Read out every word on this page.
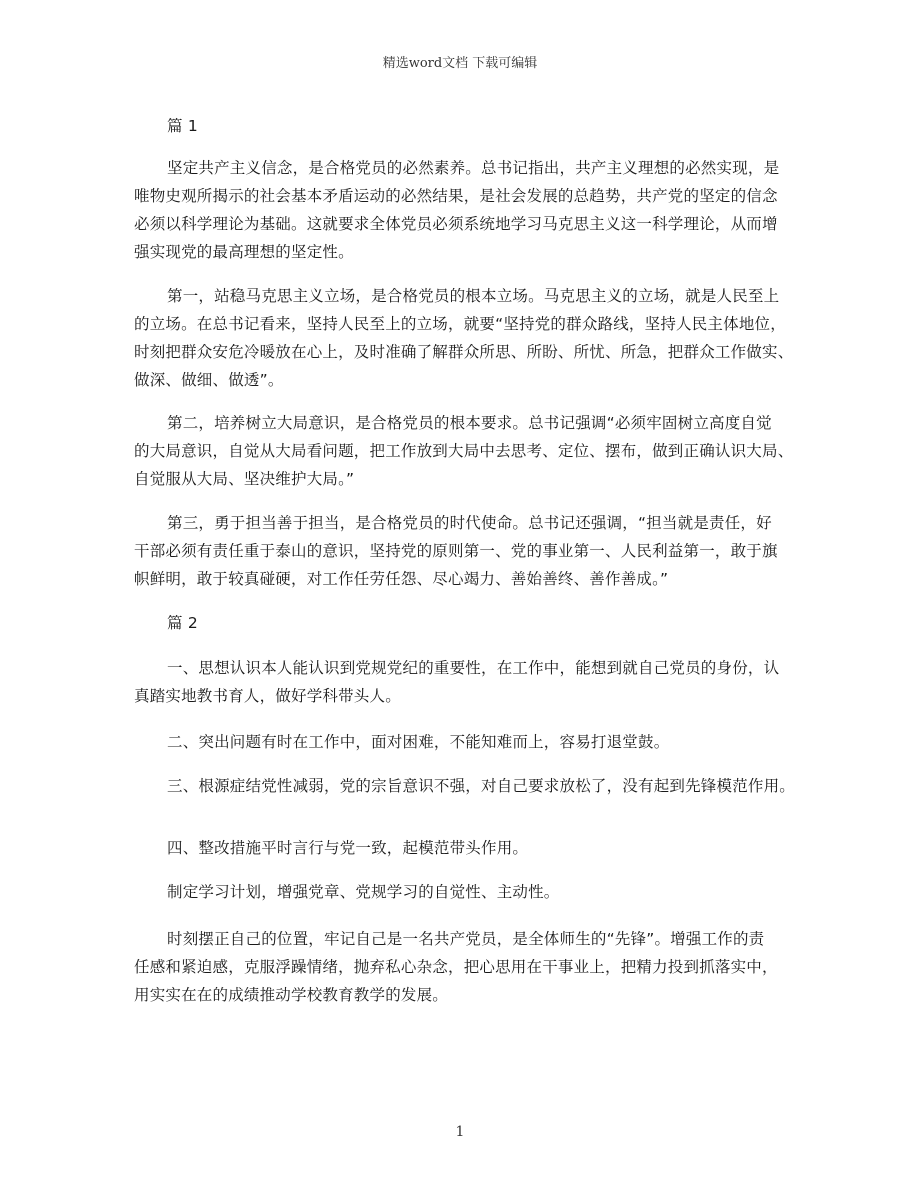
精选word文档 下载可编辑
篇 1
坚定共产主义信念，是合格党员的必然素养。总书记指出，共产主义理想的必然实现，是
唯物史观所揭示的社会基本矛盾运动的必然结果，是社会发展的总趋势，共产党的坚定的信念
必须以科学理论为基础。这就要求全体党员必须系统地学习马克思主义这一科学理论，从而增
强实现党的最高理想的坚定性。
第一，站稳马克思主义立场，是合格党员的根本立场。马克思主义的立场，就是人民至上
的立场。在总书记看来，坚持人民至上的立场，就要“坚持党的群众路线，坚持人民主体地位，
时刻把群众安危冷暖放在心上，及时准确了解群众所思、所盼、所忧、所急，把群众工作做实、
做深、做细、做透”。
第二，培养树立大局意识，是合格党员的根本要求。总书记强调“必须牢固树立高度自觉
的大局意识，自觉从大局看问题，把工作放到大局中去思考、定位、摆布，做到正确认识大局、
自觉服从大局、坚决维护大局。”
第三，勇于担当善于担当，是合格党员的时代使命。总书记还强调，“担当就是责任，好
干部必须有责任重于泰山的意识，坚持党的原则第一、党的事业第一、人民利益第一，敢于旗
帜鲜明，敢于较真碰硬，对工作任劳任怨、尽心竭力、善始善终、善作善成。”
篇 2
一、思想认识本人能认识到党规党纪的重要性，在工作中，能想到就自己党员的身份，认
真踏实地教书育人，做好学科带头人。
二、突出问题有时在工作中，面对困难，不能知难而上，容易打退堂鼓。
三、根源症结党性减弱，党的宗旨意识不强，对自己要求放松了，没有起到先锋模范作用。
四、整改措施平时言行与党一致，起模范带头作用。
制定学习计划，增强党章、党规学习的自觉性、主动性。
时刻摆正自己的位置，牢记自己是一名共产党员，是全体师生的“先锋”。增强工作的责
任感和紧迫感，克服浮躁情绪，抛弃私心杂念，把心思用在干事业上，把精力投到抓落实中，
用实实在在的成绩推动学校教育教学的发展。
1
